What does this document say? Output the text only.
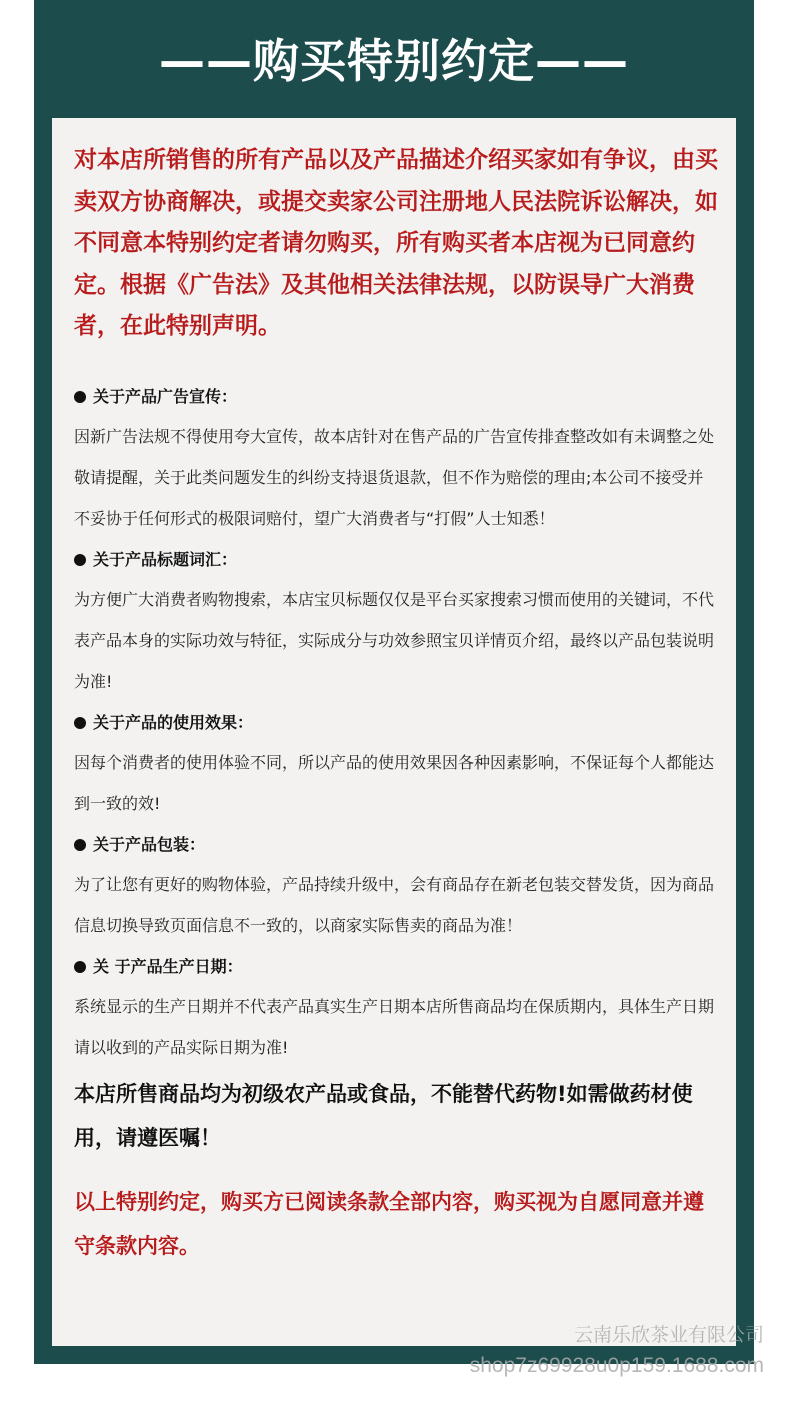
——购买特别约定——

对本店所销售的所有产品以及产品描述介绍买家如有争议，由买卖双方协商解决，或提交卖家公司注册地人民法院诉讼解决，如不同意本特别约定者请勿购买，所有购买者本店视为已同意约定。根据《广告法》及其他相关法律法规，以防误导广大消费者，在此特别声明。

关于产品广告宣传：

因新广告法规不得使用夸大宣传，故本店针对在售产品的广告宣传排查整改如有未调整之处敬请提醒，关于此类问题发生的纠纷支持退货退款，但不作为赔偿的理由;本公司不接受并不妥协于任何形式的极限词赔付，望广大消费者与“打假”人士知悉！

关于产品标题词汇：

为方便广大消费者购物搜索，本店宝贝标题仅仅是平台买家搜索习惯而使用的关键词，不代表产品本身的实际功效与特征，实际成分与功效参照宝贝详情页介绍，最终以产品包装说明为准!

关于产品的使用效果：

因每个消费者的使用体验不同，所以产品的使用效果因各种因素影响，不保证每个人都能达到一致的效!

关于产品包装：

为了让您有更好的购物体验，产品持续升级中，会有商品存在新老包装交替发货，因为商品信息切换导致页面信息不一致的，以商家实际售卖的商品为准！

关 于产品生产日期：

系统显示的生产日期并不代表产品真实生产日期本店所售商品均在保质期内，具体生产日期请以收到的产品实际日期为准!

本店所售商品均为初级农产品或食品，不能替代药物!如需做药材使用，请遵医嘱！

以上特别约定，购买方已阅读条款全部内容，购买视为自愿同意并遵守条款内容。

云南乐欣茶业有限公司
shop7z69928u0p159.1688.com
